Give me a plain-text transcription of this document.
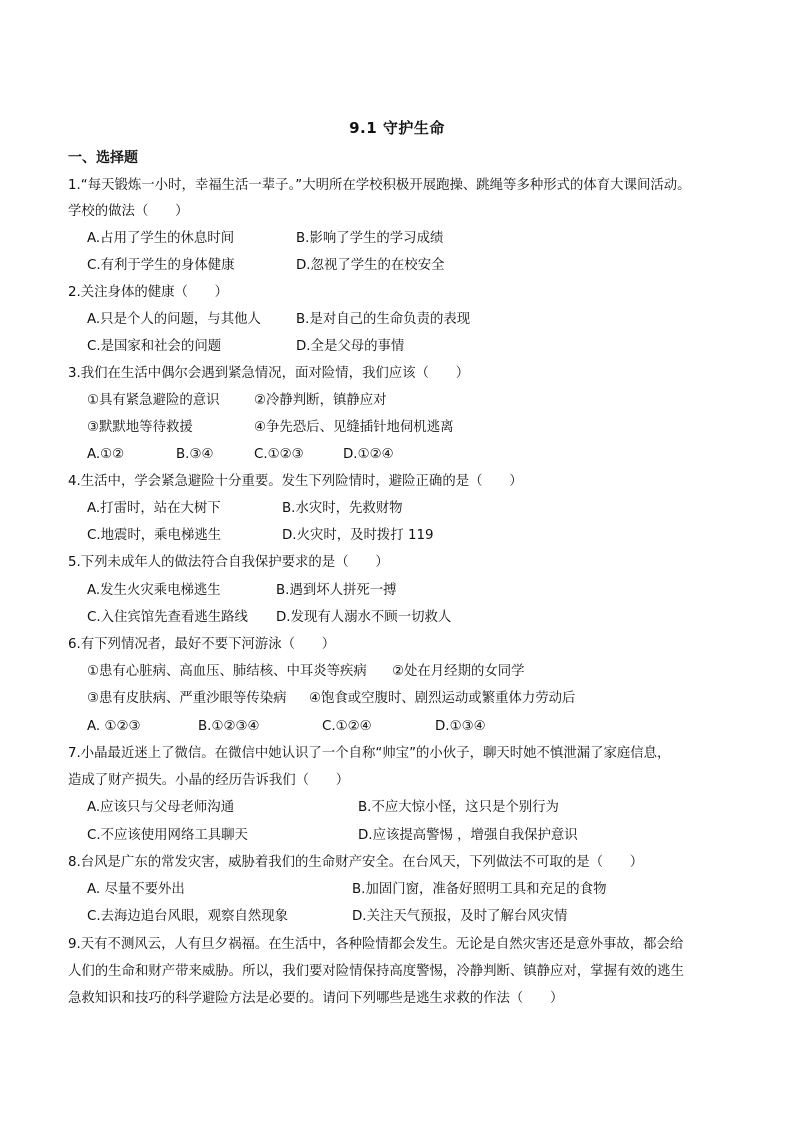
9.1 守护生命
一、选择题
1.“每天锻炼一小时，幸福生活一辈子。”大明所在学校积极开展跑操、跳绳等多种形式的体育大课间活动。
学校的做法（　　）
A.占用了学生的休息时间	B.影响了学生的学习成绩
C.有利于学生的身体健康	D.忽视了学生的在校安全
2.关注身体的健康（　　）
A.只是个人的问题，与其他人	B.是对自己的生命负责的表现
C.是国家和社会的问题	D.全是父母的事情
3.我们在生活中偶尔会遇到紧急情况，面对险情，我们应该（　　）
①具有紧急避险的意识	②冷静判断，镇静应对
③默默地等待救援	④争先恐后、见缝插针地伺机逃离
A.①②	B.③④	C.①②③	D.①②④
4.生活中，学会紧急避险十分重要。发生下列险情时，避险正确的是（　　）
A.打雷时，站在大树下	B.水灾时，先救财物
C.地震时，乘电梯逃生	D.火灾时，及时拨打 119
5.下列未成年人的做法符合自我保护要求的是（　　）
A.发生火灾乘电梯逃生	B.遇到坏人拼死一搏
C.入住宾馆先查看逃生路线 D.发现有人溺水不顾一切救人
6.有下列情况者，最好不要下河游泳（　　）
①患有心脏病、高血压、肺结核、中耳炎等疾病 ②处在月经期的女同学
③患有皮肤病、严重沙眼等传染病 ④饱食或空腹时、剧烈运动或繁重体力劳动后
A. ①②③	B.①②③④	C.①②④	D.①③④
7.小晶最近迷上了微信。在微信中她认识了一个自称“帅宝”的小伙子，聊天时她不慎泄漏了家庭信息，
造成了财产损失。小晶的经历告诉我们（　　）
A.应该只与父母老师沟通	B.不应大惊小怪，这只是个别行为
C.不应该使用网络工具聊天	D.应该提高警惕 ，增强自我保护意识
8.台风是广东的常发灾害，威胁着我们的生命财产安全。在台风天，下列做法不可取的是（　　）
A. 尽量不要外出	B.加固门窗，准备好照明工具和充足的食物
C.去海边追台风眼，观察自然现象	D.关注天气预报，及时了解台风灾情
9.天有不测风云，人有旦夕祸福。在生活中，各种险情都会发生。无论是自然灾害还是意外事故，都会给
人们的生命和财产带来威胁。所以，我们要对险情保持高度警惕，冷静判断、镇静应对，掌握有效的逃生
急救知识和技巧的科学避险方法是必要的。请问下列哪些是逃生求救的作法（　　）
